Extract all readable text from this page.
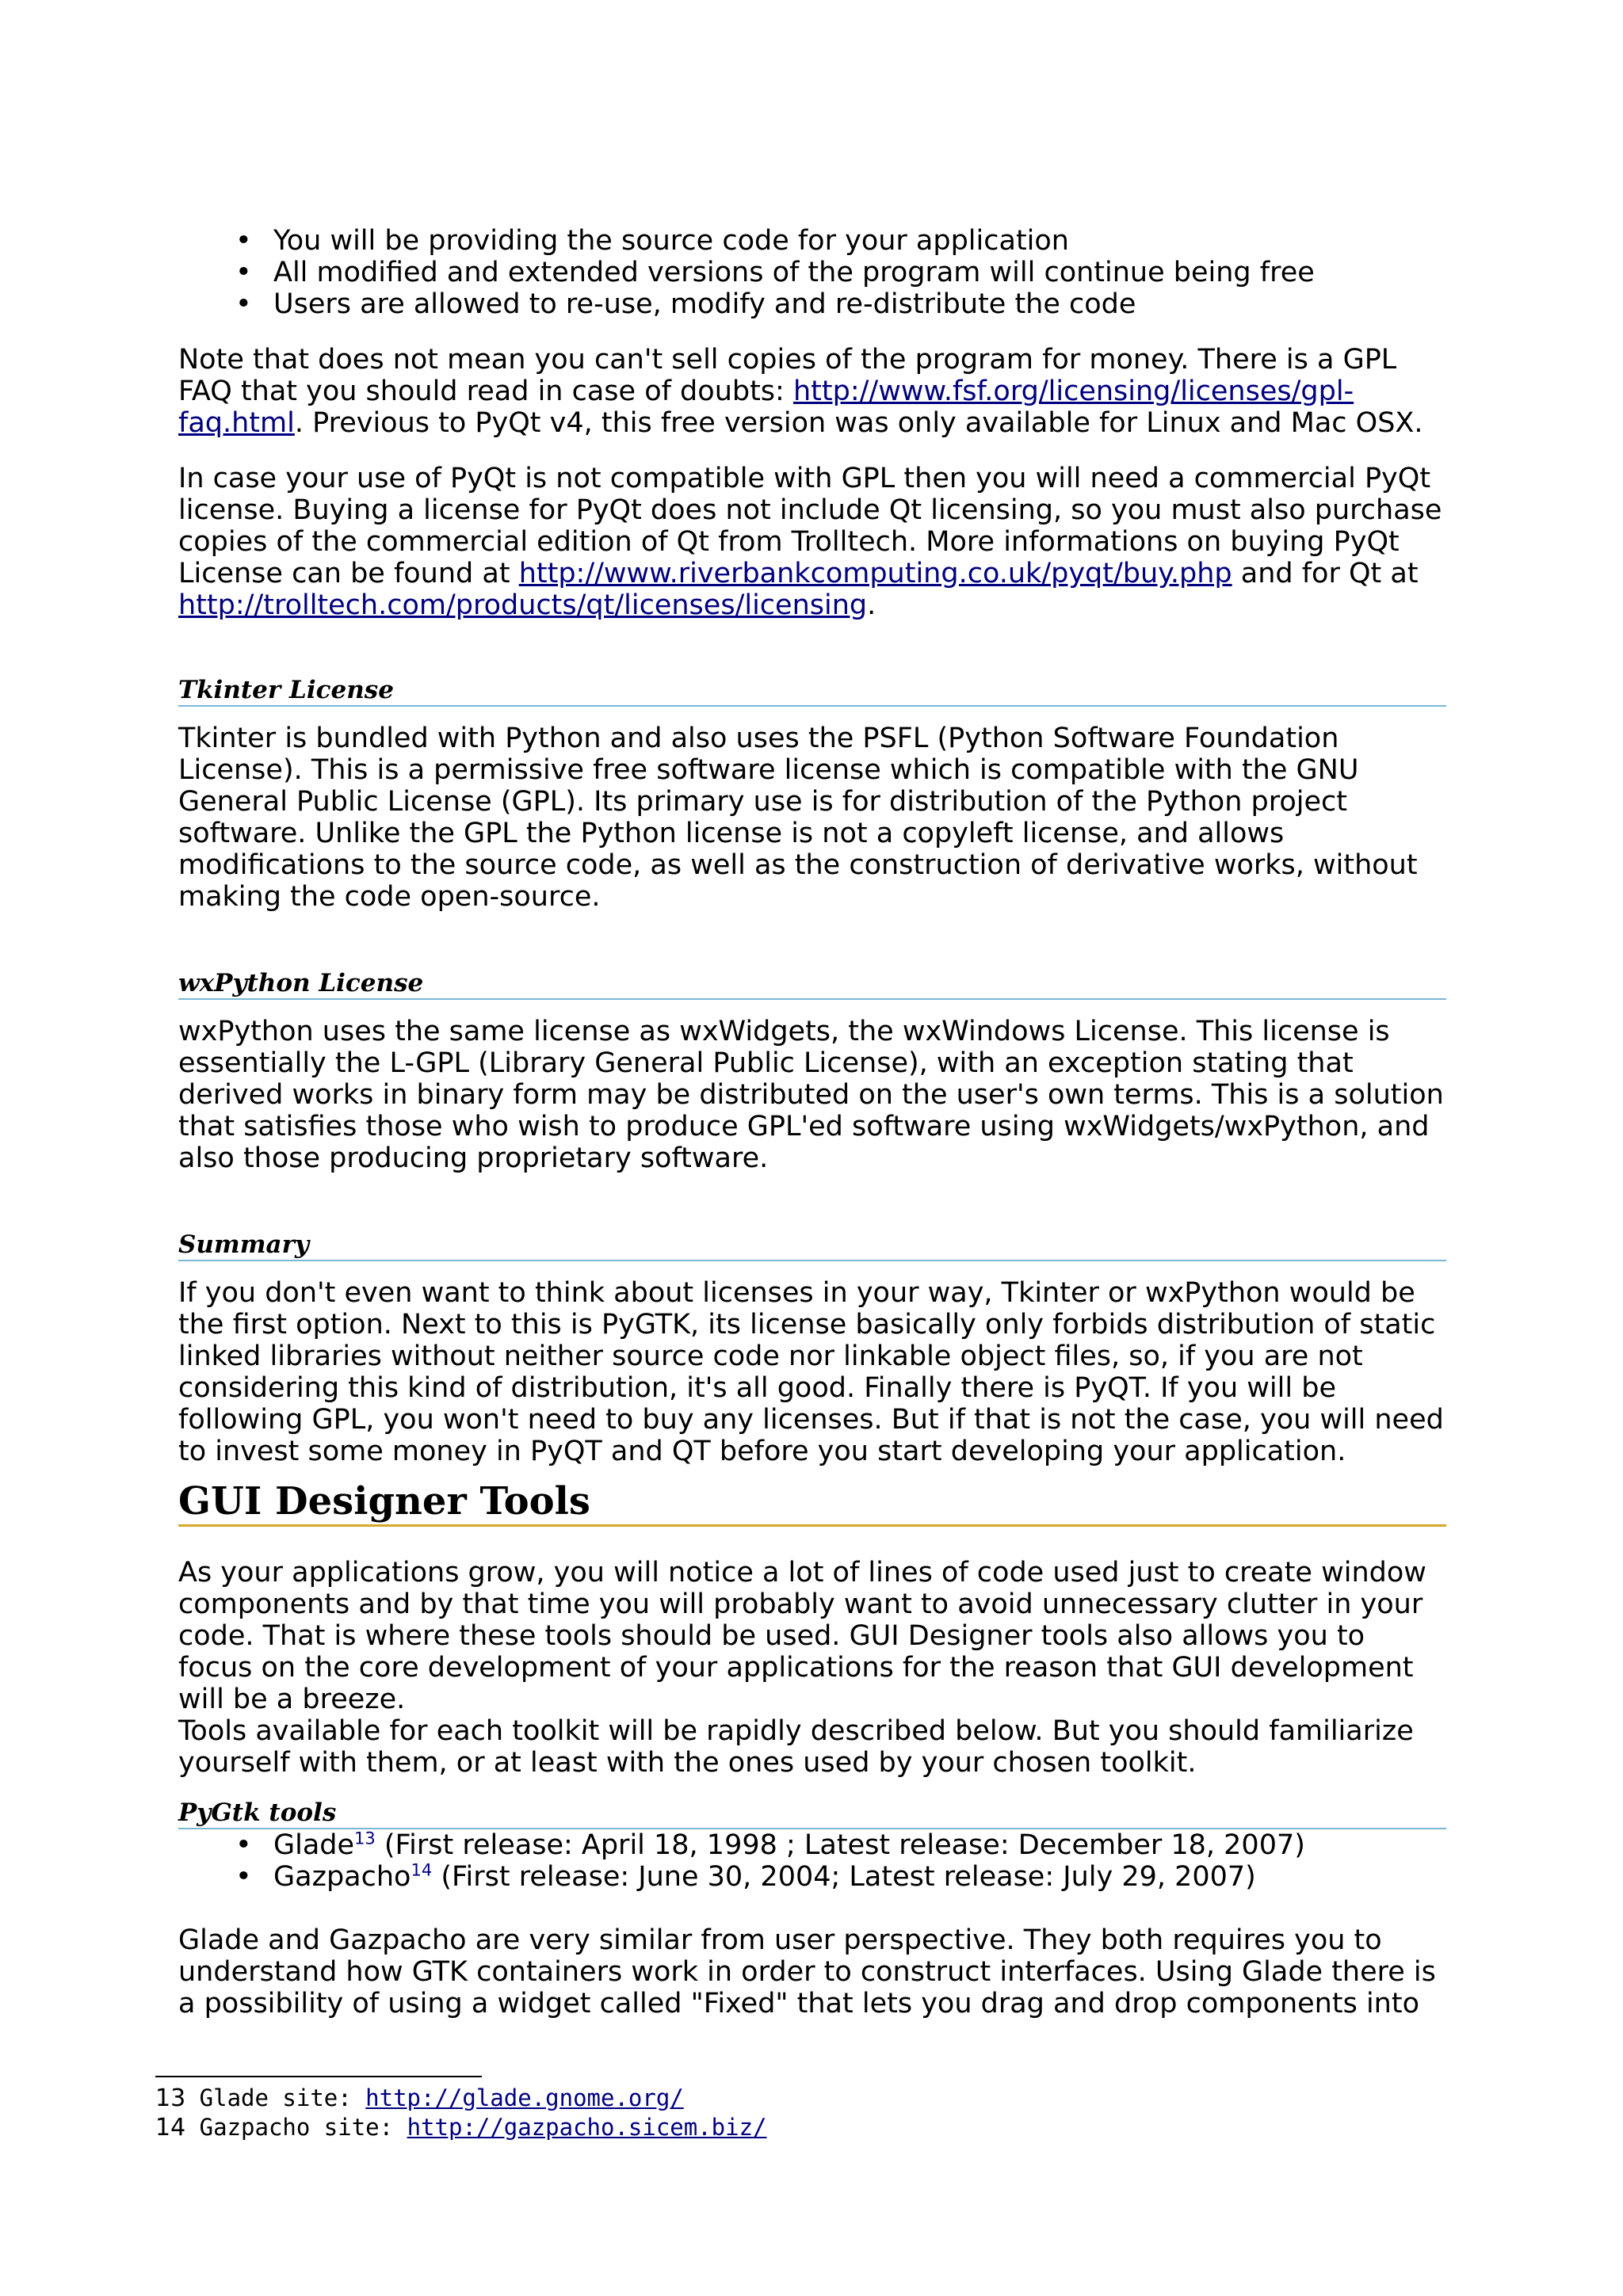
• You will be providing the source code for your application
• All modified and extended versions of the program will continue being free
• Users are allowed to re-use, modify and re-distribute the code

Note that does not mean you can't sell copies of the program for money. There is a GPL FAQ that you should read in case of doubts: http://www.fsf.org/licensing/licenses/gpl-faq.html. Previous to PyQt v4, this free version was only available for Linux and Mac OSX.

In case your use of PyQt is not compatible with GPL then you will need a commercial PyQt license. Buying a license for PyQt does not include Qt licensing, so you must also purchase copies of the commercial edition of Qt from Trolltech. More informations on buying PyQt License can be found at http://www.riverbankcomputing.co.uk/pyqt/buy.php and for Qt at http://trolltech.com/products/qt/licenses/licensing.

Tkinter License

Tkinter is bundled with Python and also uses the PSFL (Python Software Foundation License). This is a permissive free software license which is compatible with the GNU General Public License (GPL). Its primary use is for distribution of the Python project software. Unlike the GPL the Python license is not a copyleft license, and allows modifications to the source code, as well as the construction of derivative works, without making the code open-source.

wxPython License

wxPython uses the same license as wxWidgets, the wxWindows License. This license is essentially the L-GPL (Library General Public License), with an exception stating that derived works in binary form may be distributed on the user's own terms. This is a solution that satisfies those who wish to produce GPL'ed software using wxWidgets/wxPython, and also those producing proprietary software.

Summary

If you don't even want to think about licenses in your way, Tkinter or wxPython would be the first option. Next to this is PyGTK, its license basically only forbids distribution of static linked libraries without neither source code nor linkable object files, so, if you are not considering this kind of distribution, it's all good. Finally there is PyQT. If you will be following GPL, you won't need to buy any licenses. But if that is not the case, you will need to invest some money in PyQT and QT before you start developing your application.

GUI Designer Tools

As your applications grow, you will notice a lot of lines of code used just to create window components and by that time you will probably want to avoid unnecessary clutter in your code. That is where these tools should be used. GUI Designer tools also allows you to focus on the core development of your applications for the reason that GUI development will be a breeze.

Tools available for each toolkit will be rapidly described below. But you should familiarize yourself with them, or at least with the ones used by your chosen toolkit.

PyGtk tools
• Glade$^{13}$ (First release: April 18, 1998 ; Latest release: December 18, 2007)
• Gazpacho$^{14}$ (First release: June 30, 2004; Latest release: July 29, 2007)

Glade and Gazpacho are very similar from user perspective. They both requires you to understand how GTK containers work in order to construct interfaces. Using Glade there is a possibility of using a widget called "Fixed" that lets you drag and drop components into

13 Glade site: http://glade.gnome.org/
14 Gazpacho site: http://gazpacho.sicem.biz/
